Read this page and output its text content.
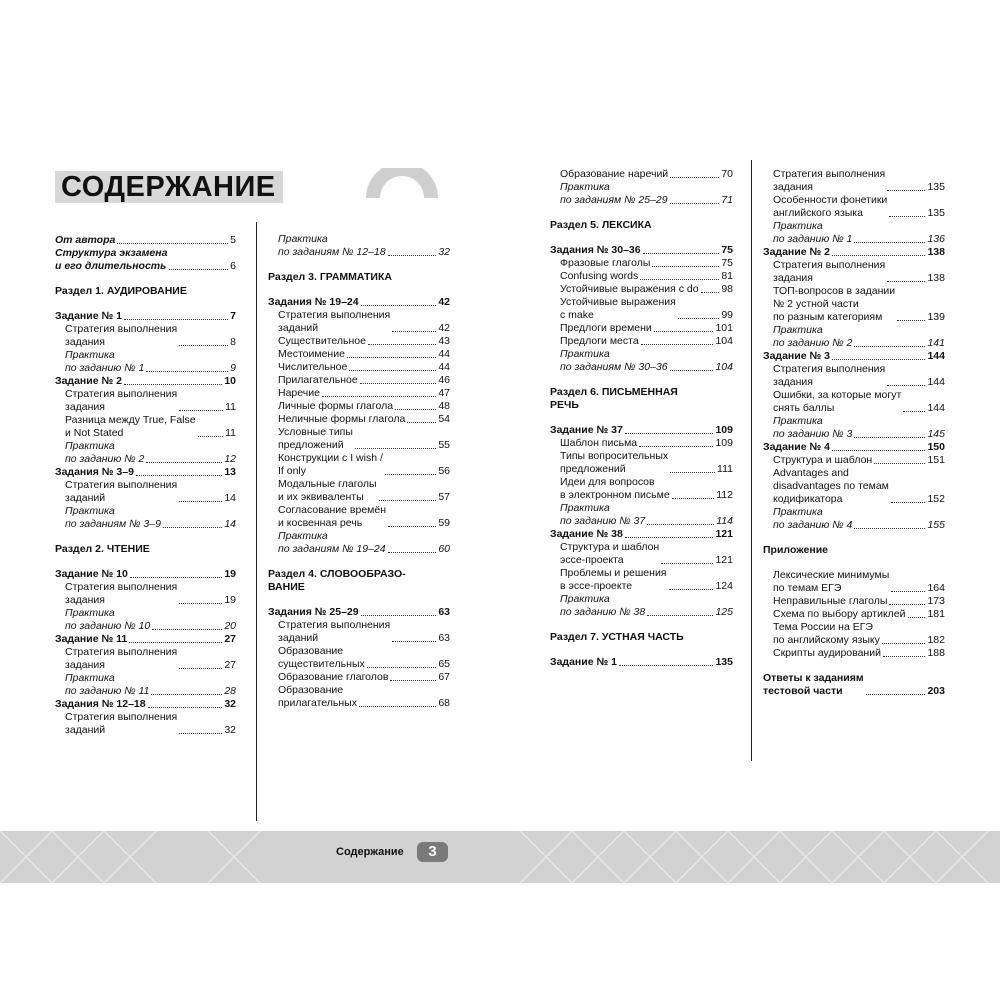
СОДЕРЖАНИЕ
От автора	5
Структура экзамена
и его длительность	6
Раздел 1. АУДИРОВАНИЕ
Задание № 1	7
Стратегия выполнения
задания	8
Практика
по заданию № 1	9
Задание № 2	10
Стратегия выполнения
задания	11
Разница между True, False
и Not Stated	11
Практика
по заданию № 2	12
Задания № 3–9	13
Стратегия выполнения
заданий	14
Практика
по заданиям № 3–9	14
Раздел 2. ЧТЕНИЕ
Задание № 10	19
Стратегия выполнения
задания	19
Практика
по заданию № 10	20
Задание № 11	27
Стратегия выполнения
задания	27
Практика
по заданию № 11	28
Задания № 12–18	32
Стратегия выполнения
заданий	32
Практика
по заданиям № 12–18	32
Раздел 3. ГРАММАТИКА
Задания № 19–24	42
Стратегия выполнения
заданий	42
Существительное	43
Местоимение	44
Числительное	44
Прилагательное	46
Наречие	47
Личные формы глагола	48
Неличные формы глагола	54
Условные типы
предложений	55
Конструкции с I wish /
If only	56
Модальные глаголы
и их эквиваленты	57
Согласование времён
и косвенная речь	59
Практика
по заданиям № 19–24	60
Раздел 4. СЛОВООБРАЗО-
ВАНИЕ
Задания № 25–29	63
Стратегия выполнения
заданий	63
Образование
существительных	65
Образование глаголов	67
Образование
прилагательных	68
Образование наречий	70
Практика
по заданиям № 25–29	71
Раздел 5. ЛЕКСИКА
Задания № 30–36	75
Фразовые глаголы	75
Confusing words	81
Устойчивые выражения с do 98
Устойчивые выражения
с make	99
Предлоги времени	101
Предлоги места	104
Практика
по заданиям № 30–36	104
Раздел 6. ПИСЬМЕННАЯ
РЕЧЬ
Задание № 37	109
Шаблон письма	109
Типы вопросительных
предложений	111
Идеи для вопросов
в электронном письме	112
Практика
по заданию № 37	114
Задание № 38	121
Структура и шаблон
эссе-проекта	121
Проблемы и решения
в эссе-проекте	124
Практика
по заданию № 38	125
Раздел 7. УСТНАЯ ЧАСТЬ
Задание № 1	135
Стратегия выполнения
задания	135
Особенности фонетики
английского языка	135
Практика
по заданию № 1	136
Задание № 2	138
Стратегия выполнения
задания	138
ТОП-вопросов в задании
№ 2 устной части
по разным категориям	139
Практика
по заданию № 2	141
Задание № 3	144
Стратегия выполнения
задания	144
Ошибки, за которые могут
снять баллы	144
Практика
по заданию № 3	145
Задание № 4	150
Структура и шаблон	151
Advantages and
disadvantages по темам
кодификатора	152
Практика
по заданию № 4	155
Приложение
Лексические минимумы
по темам ЕГЭ	164
Неправильные глаголы	173
Схема по выбору артиклей 181
Тема России на ЕГЭ
по английскому языку	182
Скрипты аудирований	188
Ответы к заданиям
тестовой части	203
Содержание	3
